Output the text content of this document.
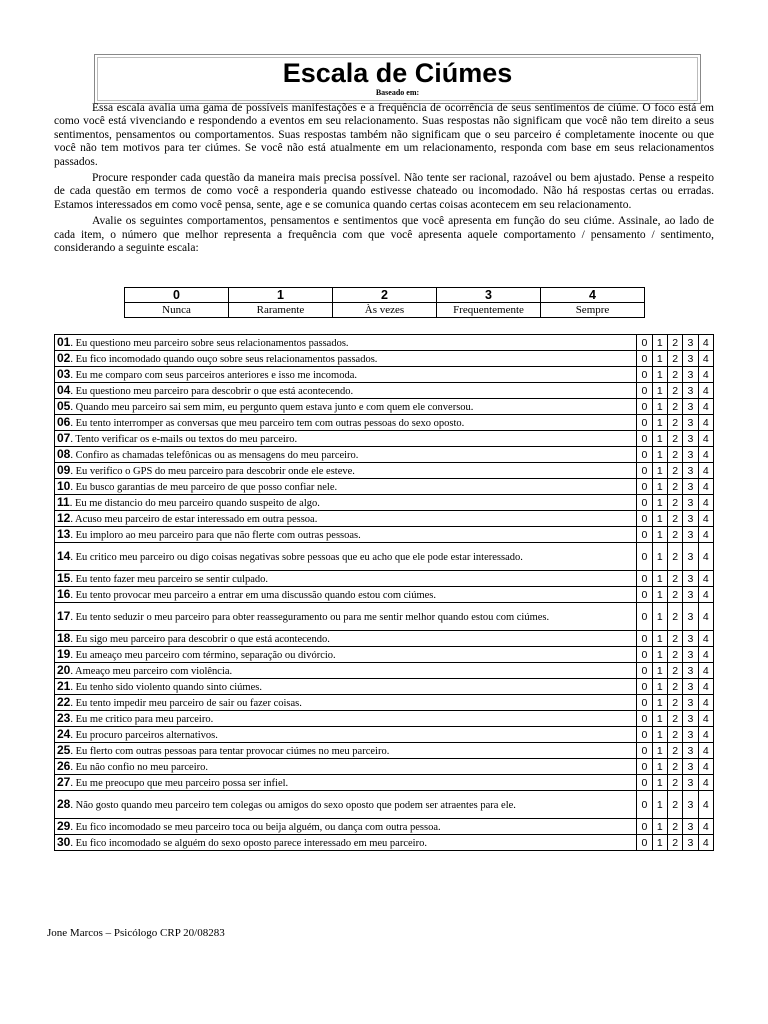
Escala de Ciúmes
Baseado em:

Essa escala avalia uma gama de possíveis manifestações e a frequência de ocorrência de seus sentimentos de ciúme. O foco está em como você está vivenciando e respondendo a eventos em seu relacionamento. Suas respostas não significam que você não tem direito a seus sentimentos, pensamentos ou comportamentos. Suas respostas também não significam que o seu parceiro é completamente inocente ou que você não tem motivos para ter ciúmes. Se você não está atualmente em um relacionamento, responda com base em seus relacionamentos passados.

Procure responder cada questão da maneira mais precisa possível. Não tente ser racional, razoável ou bem ajustado. Pense a respeito de cada questão em termos de como você a responderia quando estivesse chateado ou incomodado. Não há respostas certas ou erradas. Estamos interessados em como você pensa, sente, age e se comunica quando certas coisas acontecem em seu relacionamento.

Avalie os seguintes comportamentos, pensamentos e sentimentos que você apresenta em função do seu ciúme. Assinale, ao lado de cada item, o número que melhor representa a frequência com que você apresenta aquele comportamento / pensamento / sentimento, considerando a seguinte escala:

0	1	2	3	4
Nunca	Raramente	Às vezes	Frequentemente	Sempre
01. Eu questiono meu parceiro sobre seus relacionamentos passados.	0	1	2	3	4
02. Eu fico incomodado quando ouço sobre seus relacionamentos passados.	0	1	2	3	4
03. Eu me comparo com seus parceiros anteriores e isso me incomoda.	0	1	2	3	4
04. Eu questiono meu parceiro para descobrir o que está acontecendo.	0	1	2	3	4
05. Quando meu parceiro sai sem mim, eu pergunto quem estava junto e com quem ele conversou.	0	1	2	3	4
06. Eu tento interromper as conversas que meu parceiro tem com outras pessoas do sexo oposto.	0	1	2	3	4
07. Tento verificar os e-mails ou textos do meu parceiro.	0	1	2	3	4
08. Confiro as chamadas telefônicas ou as mensagens do meu parceiro.	0	1	2	3	4
09. Eu verifico o GPS do meu parceiro para descobrir onde ele esteve.	0	1	2	3	4
10. Eu busco garantias de meu parceiro de que posso confiar nele.	0	1	2	3	4
11. Eu me distancio do meu parceiro quando suspeito de algo.	0	1	2	3	4
12. Acuso meu parceiro de estar interessado em outra pessoa.	0	1	2	3	4
13. Eu imploro ao meu parceiro para que não flerte com outras pessoas.	0	1	2	3	4
14. Eu critico meu parceiro ou digo coisas negativas sobre pessoas que eu acho que ele pode estar interessado.	0	1	2	3	4
15. Eu tento fazer meu parceiro se sentir culpado.	0	1	2	3	4
16. Eu tento provocar meu parceiro a entrar em uma discussão quando estou com ciúmes.	0	1	2	3	4
17. Eu tento seduzir o meu parceiro para obter reasseguramento ou para me sentir melhor quando estou com ciúmes.	0	1	2	3	4
18. Eu sigo meu parceiro para descobrir o que está acontecendo.	0	1	2	3	4
19. Eu ameaço meu parceiro com término, separação ou divórcio.	0	1	2	3	4
20. Ameaço meu parceiro com violência.	0	1	2	3	4
21. Eu tenho sido violento quando sinto ciúmes.	0	1	2	3	4
22. Eu tento impedir meu parceiro de sair ou fazer coisas.	0	1	2	3	4
23. Eu me critico para meu parceiro.	0	1	2	3	4
24. Eu procuro parceiros alternativos.	0	1	2	3	4
25. Eu flerto com outras pessoas para tentar provocar ciúmes no meu parceiro.	0	1	2	3	4
26. Eu não confio no meu parceiro.	0	1	2	3	4
27. Eu me preocupo que meu parceiro possa ser infiel.	0	1	2	3	4
28. Não gosto quando meu parceiro tem colegas ou amigos do sexo oposto que podem ser atraentes para ele.	0	1	2	3	4
29. Eu fico incomodado se meu parceiro toca ou beija alguém, ou dança com outra pessoa.	0	1	2	3	4
30. Eu fico incomodado se alguém do sexo oposto parece interessado em meu parceiro.	0	1	2	3	4
Jone Marcos – Psicólogo CRP 20/08283
